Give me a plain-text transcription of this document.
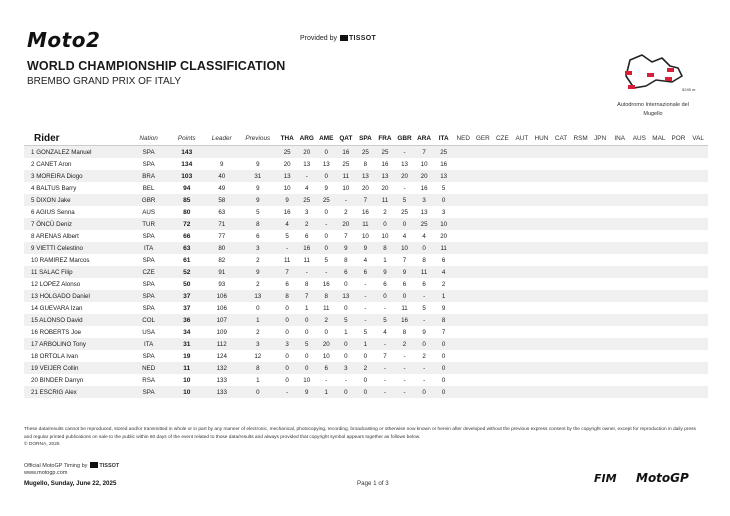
Moto2	Provided by TISSOT
WORLD CHAMPIONSHIP CLASSIFICATION
BREMBO GRAND PRIX OF ITALY
5245 m.
Autodromo Internazionale del
Mugello
Rider	Nation	Points	Leader	Previous	THA	ARG	AME	QAT	SPA	FRA	GBR	ARA	ITA	NED	GER	CZE	AUT	HUN	CAT	RSM	JPN	INA	AUS	MAL	POR	VAL
1 GONZALEZ Manuel	SPA	143			25	20	0	16	25	25	-	7	25													
2 CANET Aron	SPA	134	9	9	20	13	13	25	8	16	13	10	16													
3 MOREIRA Diogo	BRA	103	40	31	13	-	0	11	13	13	20	20	13													
4 BALTUS Barry	BEL	94	49	9	10	4	9	10	20	20	-	16	5													
5 DIXON Jake	GBR	85	58	9	9	25	25	-	7	11	5	3	0													
6 AGIUS Senna	AUS	80	63	5	16	3	0	2	16	2	25	13	3													
7 ÖNCÜ Deniz	TUR	72	71	8	4	2	-	20	11	0	0	25	10													
8 ARENAS Albert	SPA	66	77	6	5	6	0	7	10	10	4	4	20													
9 VIETTI Celestino	ITA	63	80	3	-	16	0	9	9	8	10	0	11													
10 RAMIREZ Marcos	SPA	61	82	2	11	11	5	8	4	1	7	8	6													
11 SALAC Filip	CZE	52	91	9	7	-	-	6	6	9	9	11	4													
12 LOPEZ Alonso	SPA	50	93	2	6	8	16	0	-	6	6	6	2													
13 HOLGADO Daniel	SPA	37	106	13	8	7	8	13	-	0	0	-	1													
14 GUEVARA Izan	SPA	37	106	0	0	1	11	0	-	-	11	5	9													
15 ALONSO David	COL	36	107	1	0	0	2	5	-	5	16	-	8													
16 ROBERTS Joe	USA	34	109	2	0	0	0	1	5	4	8	9	7													
17 ARBOLINO Tony	ITA	31	112	3	3	5	20	0	1	-	2	0	0													
18 ORTOLA Ivan	SPA	19	124	12	0	0	10	0	0	7	-	2	0													
19 VEIJER Collin	NED	11	132	8	0	0	6	3	2	-	-	-	0													
20 BINDER Darryn	RSA	10	133	1	0	10	-	-	0	-	-	-	0													
21 ESCRIG Alex	SPA	10	133	0	-	9	1	0	0	-	-	0	0													
These data/results cannot be reproduced, stored and/or transmitted in whole or in part by any manner of electronic, mechanical, photocopying, recording, broadcasting or otherwise now known or herein after developed without the previous express consent by the copyright owner, except for reproduction in daily press and regular printed publications on sale to the public within 60 days of the event related to those data/results and always provided that copyright symbol appears together as follows below.
© DORNA, 2025
Official MotoGP Timing by TISSOT
www.motogp.com
Mugello, Sunday, June 22, 2025	Page 1 of 3	FIM MotoGP
